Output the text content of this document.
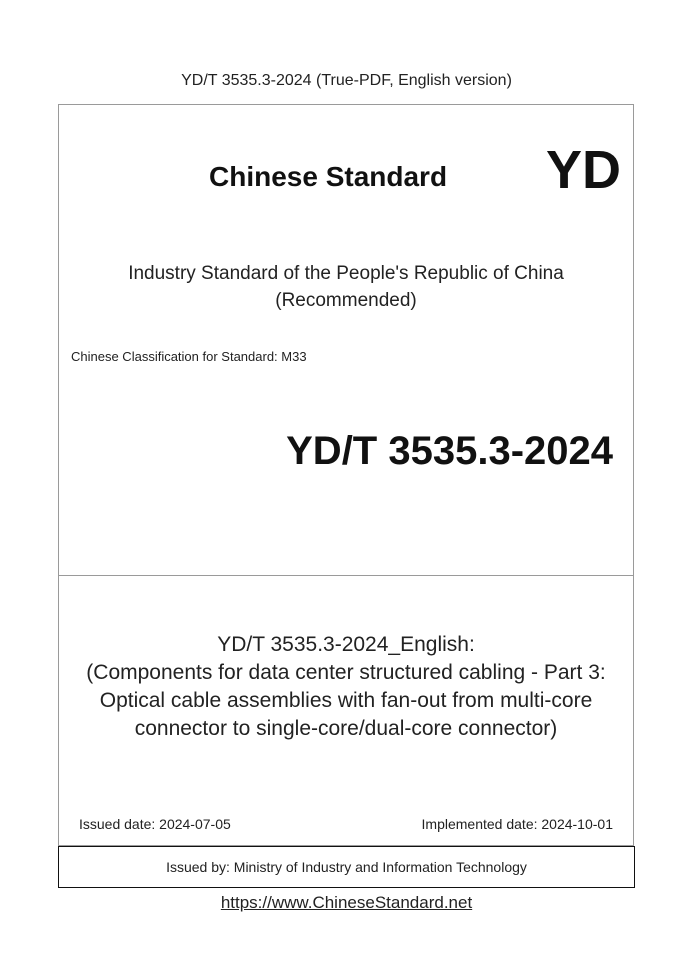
YD/T 3535.3-2024 (True-PDF, English version)
Chinese Standard YD
Industry Standard of the People's Republic of China
(Recommended)
Chinese Classification for Standard: M33
YD/T 3535.3-2024
YD/T 3535.3-2024_English:
(Components for data center structured cabling - Part 3:
Optical cable assemblies with fan-out from multi-core
connector to single-core/dual-core connector)
Issued date: 2024-07-05	Implemented date: 2024-10-01
Issued by: Ministry of Industry and Information Technology
https://www.ChineseStandard.net
